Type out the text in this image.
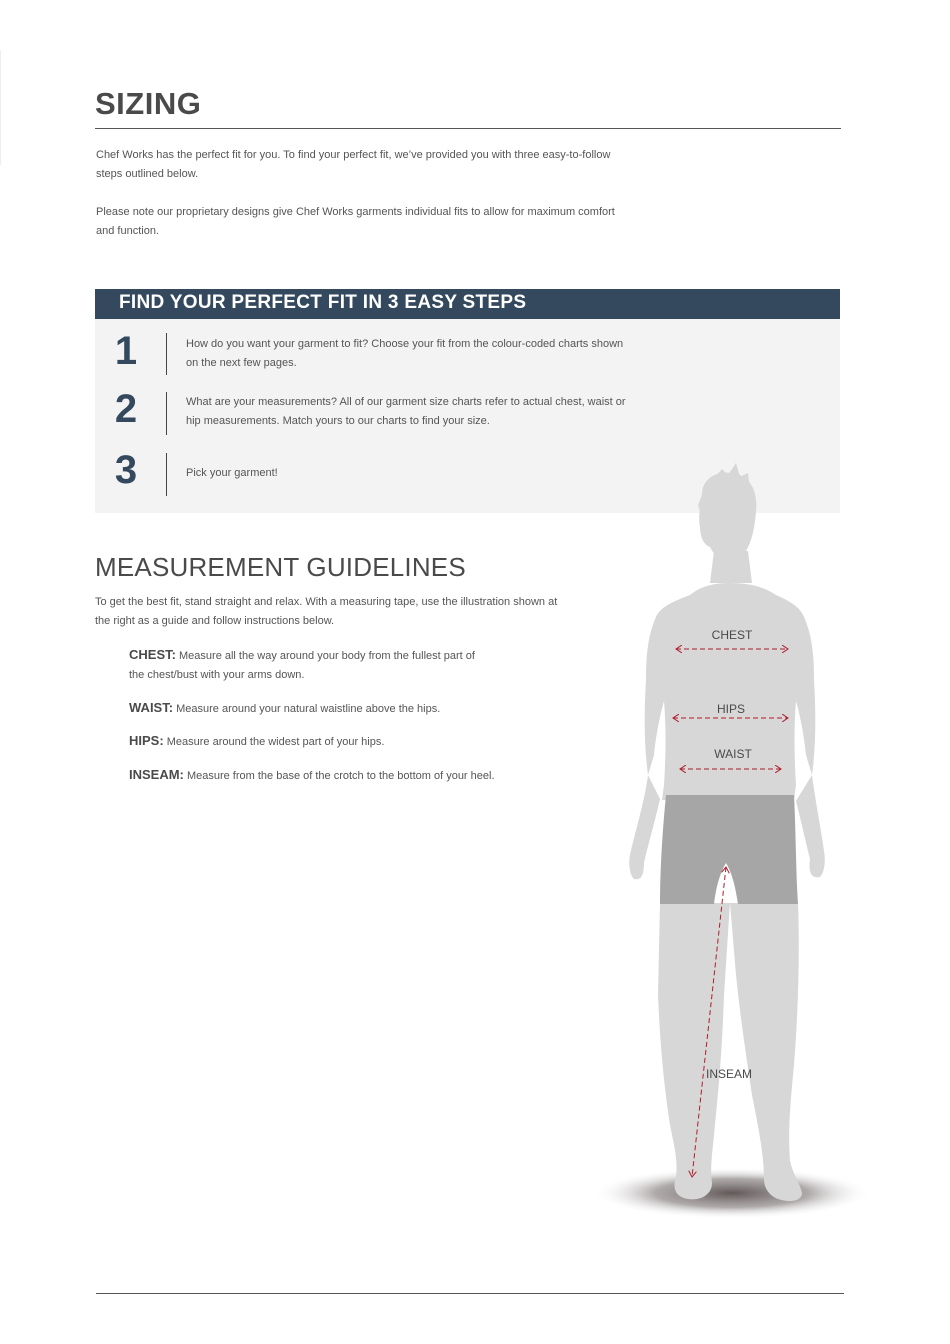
SIZING

Chef Works has the perfect fit for you. To find your perfect fit, we’ve provided you with three easy-to-follow steps outlined below.

Please note our proprietary designs give Chef Works garments individual fits to allow for maximum comfort and function.

FIND YOUR PERFECT FIT IN 3 EASY STEPS
1	How do you want your garment to fit? Choose your fit from the colour-coded charts shown on the next few pages.

2	What are your measurements? All of our garment size charts refer to actual chest, waist or hip measurements. Match yours to our charts to find your size.

3	Pick your garment!

MEASUREMENT GUIDELINES

To get the best fit, stand straight and relax. With a measuring tape, use the illustration shown at the right as a guide and follow instructions below.

CHEST: Measure all the way around your body from the fullest part of the chest/bust with your arms down.

WAIST: Measure around your natural waistline above the hips.

HIPS: Measure around the widest part of your hips.

INSEAM: Measure from the base of the crotch to the bottom of your heel.

CHEST
HIPS
WAIST
INSEAM
